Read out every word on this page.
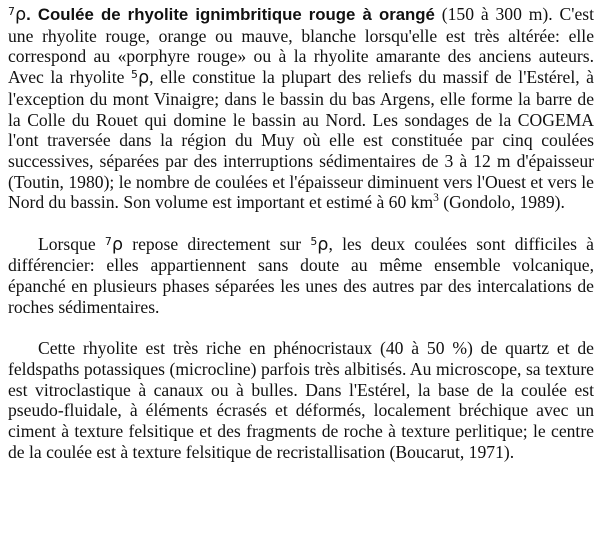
$^7$ρ. Coulée de rhyolite ignimbritique rouge à orangé (150 à 300 m). C'est une rhyolite rouge, orange ou mauve, blanche lorsqu'elle est très altérée: elle correspond au «porphyre rouge» ou à la rhyolite amarante des anciens auteurs. Avec la rhyolite $^5$ρ, elle constitue la plupart des reliefs du massif de l'Estérel, à l'exception du mont Vinaigre; dans le bassin du bas Argens, elle forme la barre de la Colle du Rouet qui domine le bassin au Nord. Les sondages de la COGEMA l'ont traversée dans la région du Muy où elle est constituée par cinq coulées successives, séparées par des interruptions sédimentaires de 3 à 12 m d'épaisseur (Toutin, 1980); le nombre de coulées et l'épaisseur diminuent vers l'Ouest et vers le Nord du bassin. Son volume est important et estimé à 60 $km^3$ (Gondolo, 1989).

Lorsque $^7$ρ repose directement sur $^5$ρ, les deux coulées sont difficiles à différencier: elles appartiennent sans doute au même ensemble volcanique, épanché en plusieurs phases séparées les unes des autres par des intercalations de roches sédimentaires.

Cette rhyolite est très riche en phénocristaux (40 à 50 %) de quartz et de feldspaths potassiques (microcline) parfois très albitisés. Au microscope, sa texture est vitroclastique à canaux ou à bulles. Dans l'Estérel, la base de la coulée est pseudo-fluidale, à éléments écrasés et déformés, localement bréchique avec un ciment à texture felsitique et des fragments de roche à texture perlitique; le centre de la coulée est à texture felsitique de recristallisation (Boucarut, 1971).
